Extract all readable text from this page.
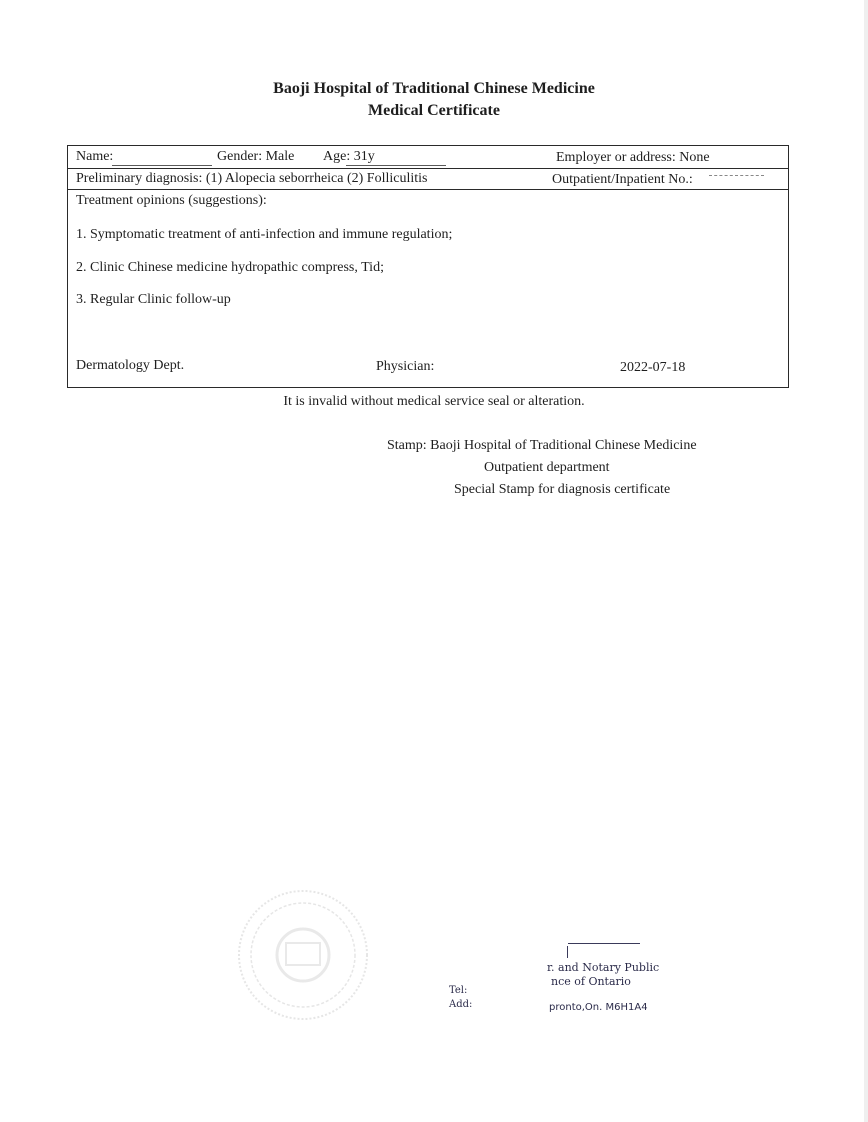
Baoji Hospital of Traditional Chinese Medicine
Medical Certificate
Name:	Gender: Male Age: 31y	Employer or address: None
Preliminary diagnosis: (1) Alopecia seborrheica (2) Folliculitis	Outpatient/Inpatient No.:
Treatment opinions (suggestions):
1. Symptomatic treatment of anti-infection and immune regulation;
2. Clinic Chinese medicine hydropathic compress, Tid;
3. Regular Clinic follow-up
Dermatology Dept.	Physician:	2022-07-18
It is invalid without medical service seal or alteration.
Stamp: Baoji Hospital of Traditional Chinese Medicine
Outpatient department
Special Stamp for diagnosis certificate
r. and Notary Public
nce of Ontario
Tel:
Add:	pronto,On. M6H1A4
